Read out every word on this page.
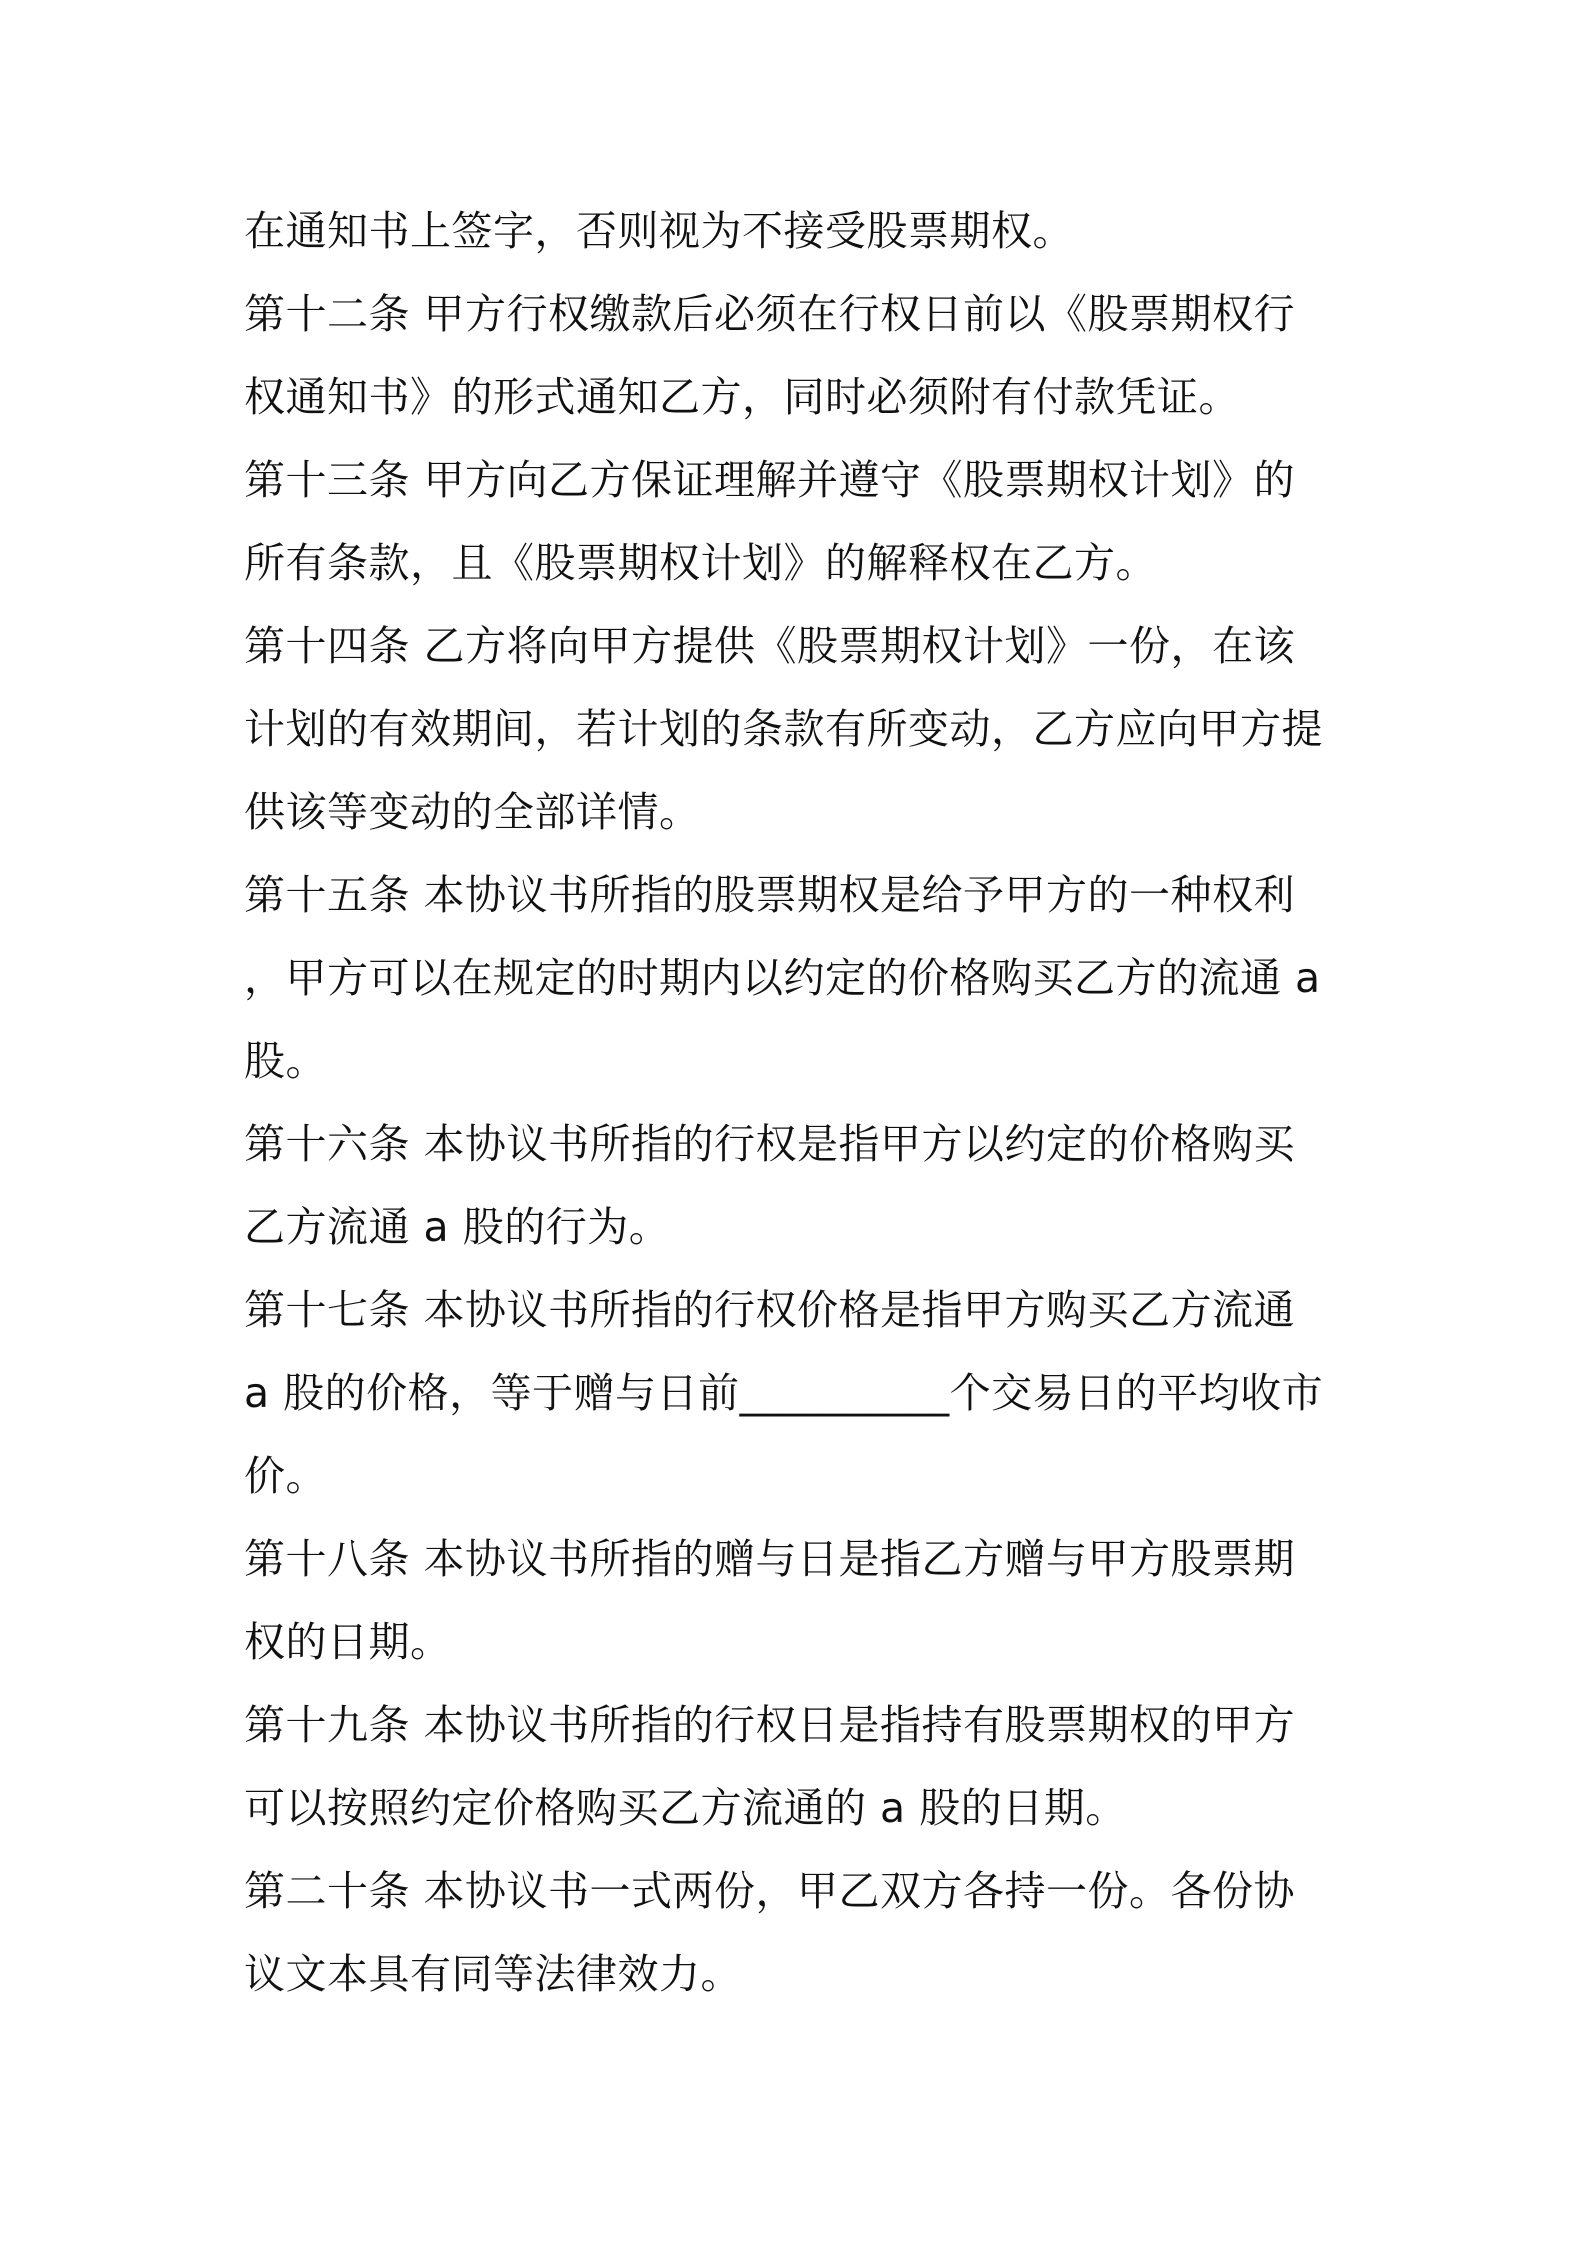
在通知书上签字，否则视为不接受股票期权。
第十二条 甲方行权缴款后必须在行权日前以《股票期权行
权通知书》的形式通知乙方，同时必须附有付款凭证。
第十三条 甲方向乙方保证理解并遵守《股票期权计划》的
所有条款，且《股票期权计划》的解释权在乙方。
第十四条 乙方将向甲方提供《股票期权计划》一份，在该
计划的有效期间，若计划的条款有所变动，乙方应向甲方提
供该等变动的全部详情。
第十五条 本协议书所指的股票期权是给予甲方的一种权利
，甲方可以在规定的时期内以约定的价格购买乙方的流通 a
股。
第十六条 本协议书所指的行权是指甲方以约定的价格购买
乙方流通 a 股的行为。
第十七条 本协议书所指的行权价格是指甲方购买乙方流通
a 股的价格，等于赠与日前__________个交易日的平均收市
价。
第十八条 本协议书所指的赠与日是指乙方赠与甲方股票期
权的日期。
第十九条 本协议书所指的行权日是指持有股票期权的甲方
可以按照约定价格购买乙方流通的 a 股的日期。
第二十条 本协议书一式两份，甲乙双方各持一份。各份协
议文本具有同等法律效力。
